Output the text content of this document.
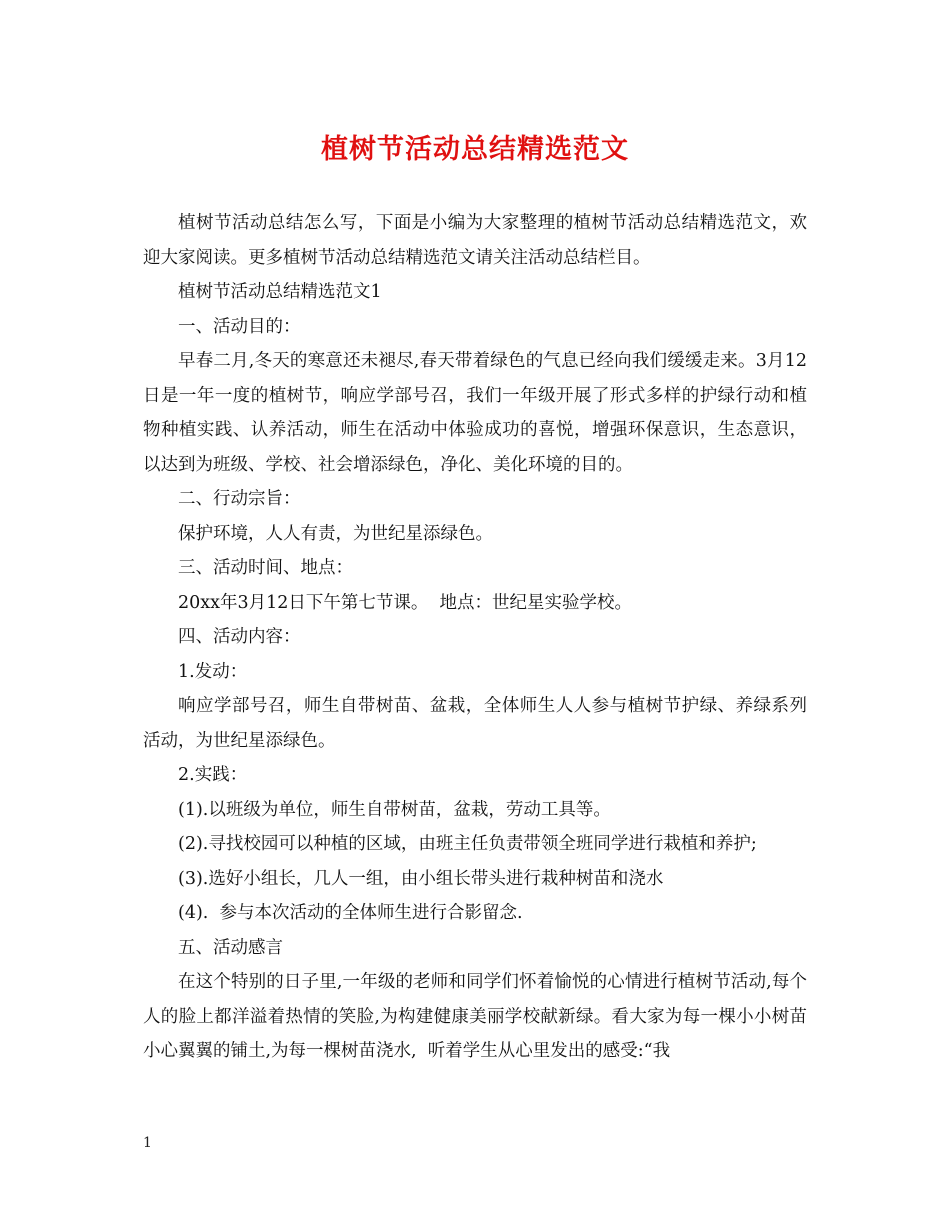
植树节活动总结精选范文

植树节活动总结怎么写，下面是小编为大家整理的植树节活动总结精选范文，欢迎大家阅读。更多植树节活动总结精选范文请关注活动总结栏目。

植树节活动总结精选范文1

一、活动目的：

早春二月,冬天的寒意还未褪尽,春天带着绿色的气息已经向我们缓缓走来。3月12日是一年一度的植树节，响应学部号召，我们一年级开展了形式多样的护绿行动和植物种植实践、认养活动，师生在活动中体验成功的喜悦，增强环保意识，生态意识，以达到为班级、学校、社会增添绿色，净化、美化环境的目的。

二、行动宗旨：

保护环境，人人有责，为世纪星添绿色。

三、活动时间、地点：

20xx年3月12日下午第七节课。  地点：世纪星实验学校。

四、活动内容：

1.发动：

响应学部号召，师生自带树苗、盆栽，全体师生人人参与植树节护绿、养绿系列活动，为世纪星添绿色。

2.实践：

(1).以班级为单位，师生自带树苗，盆栽，劳动工具等。

(2).寻找校园可以种植的区域，由班主任负责带领全班同学进行栽植和养护;

(3).选好小组长，几人一组，由小组长带头进行栽种树苗和浇水

(4).  参与本次活动的全体师生进行合影留念.

五、活动感言

在这个特别的日子里,一年级的老师和同学们怀着愉悦的心情进行植树节活动,每个人的脸上都洋溢着热情的笑脸,为构建健康美丽学校献新绿。看大家为每一棵小小树苗小心翼翼的铺土,为每一棵树苗浇水,  听着学生从心里发出的感受:“我

1
